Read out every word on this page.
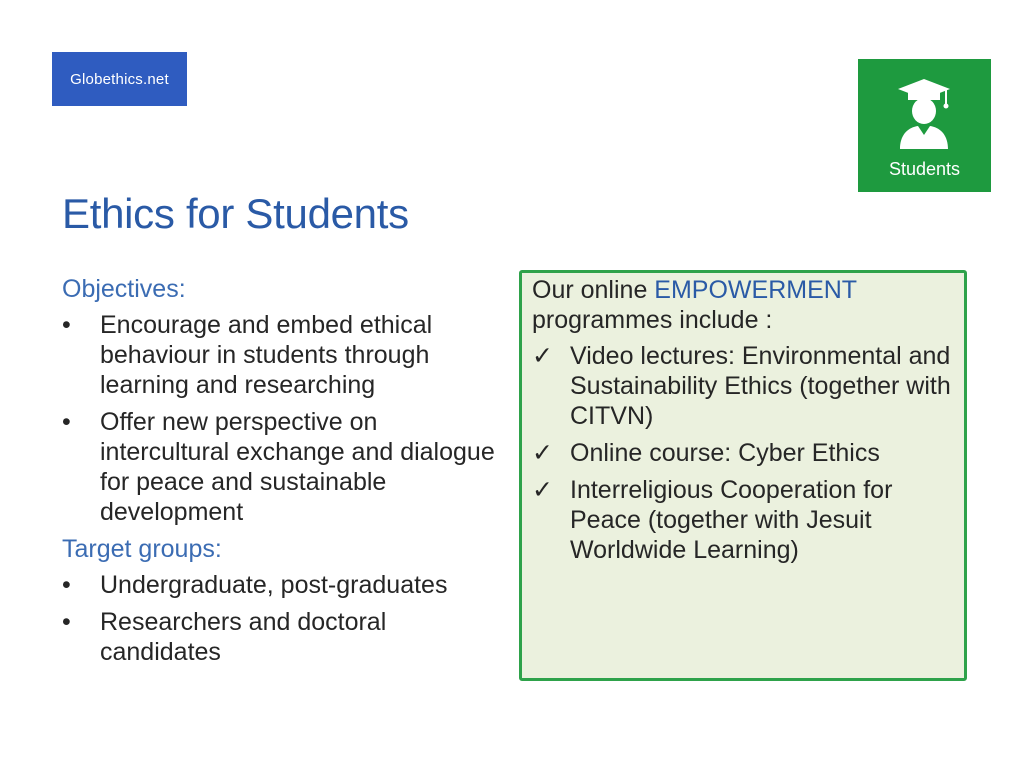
Globethics.net
Students
Ethics for Students
Objectives:
•	Encourage and embed ethical behaviour in students through learning and researching
•	Offer new perspective on intercultural exchange and dialogue for peace and sustainable development
Target groups:
•	Undergraduate, post-graduates
•	Researchers and doctoral candidates
Our online EMPOWERMENT
programmes include :
✓ Video lectures: Environmental and Sustainability Ethics (together with CITVN)
✓ Online course: Cyber Ethics
✓ Interreligious Cooperation for Peace (together with Jesuit Worldwide Learning)
